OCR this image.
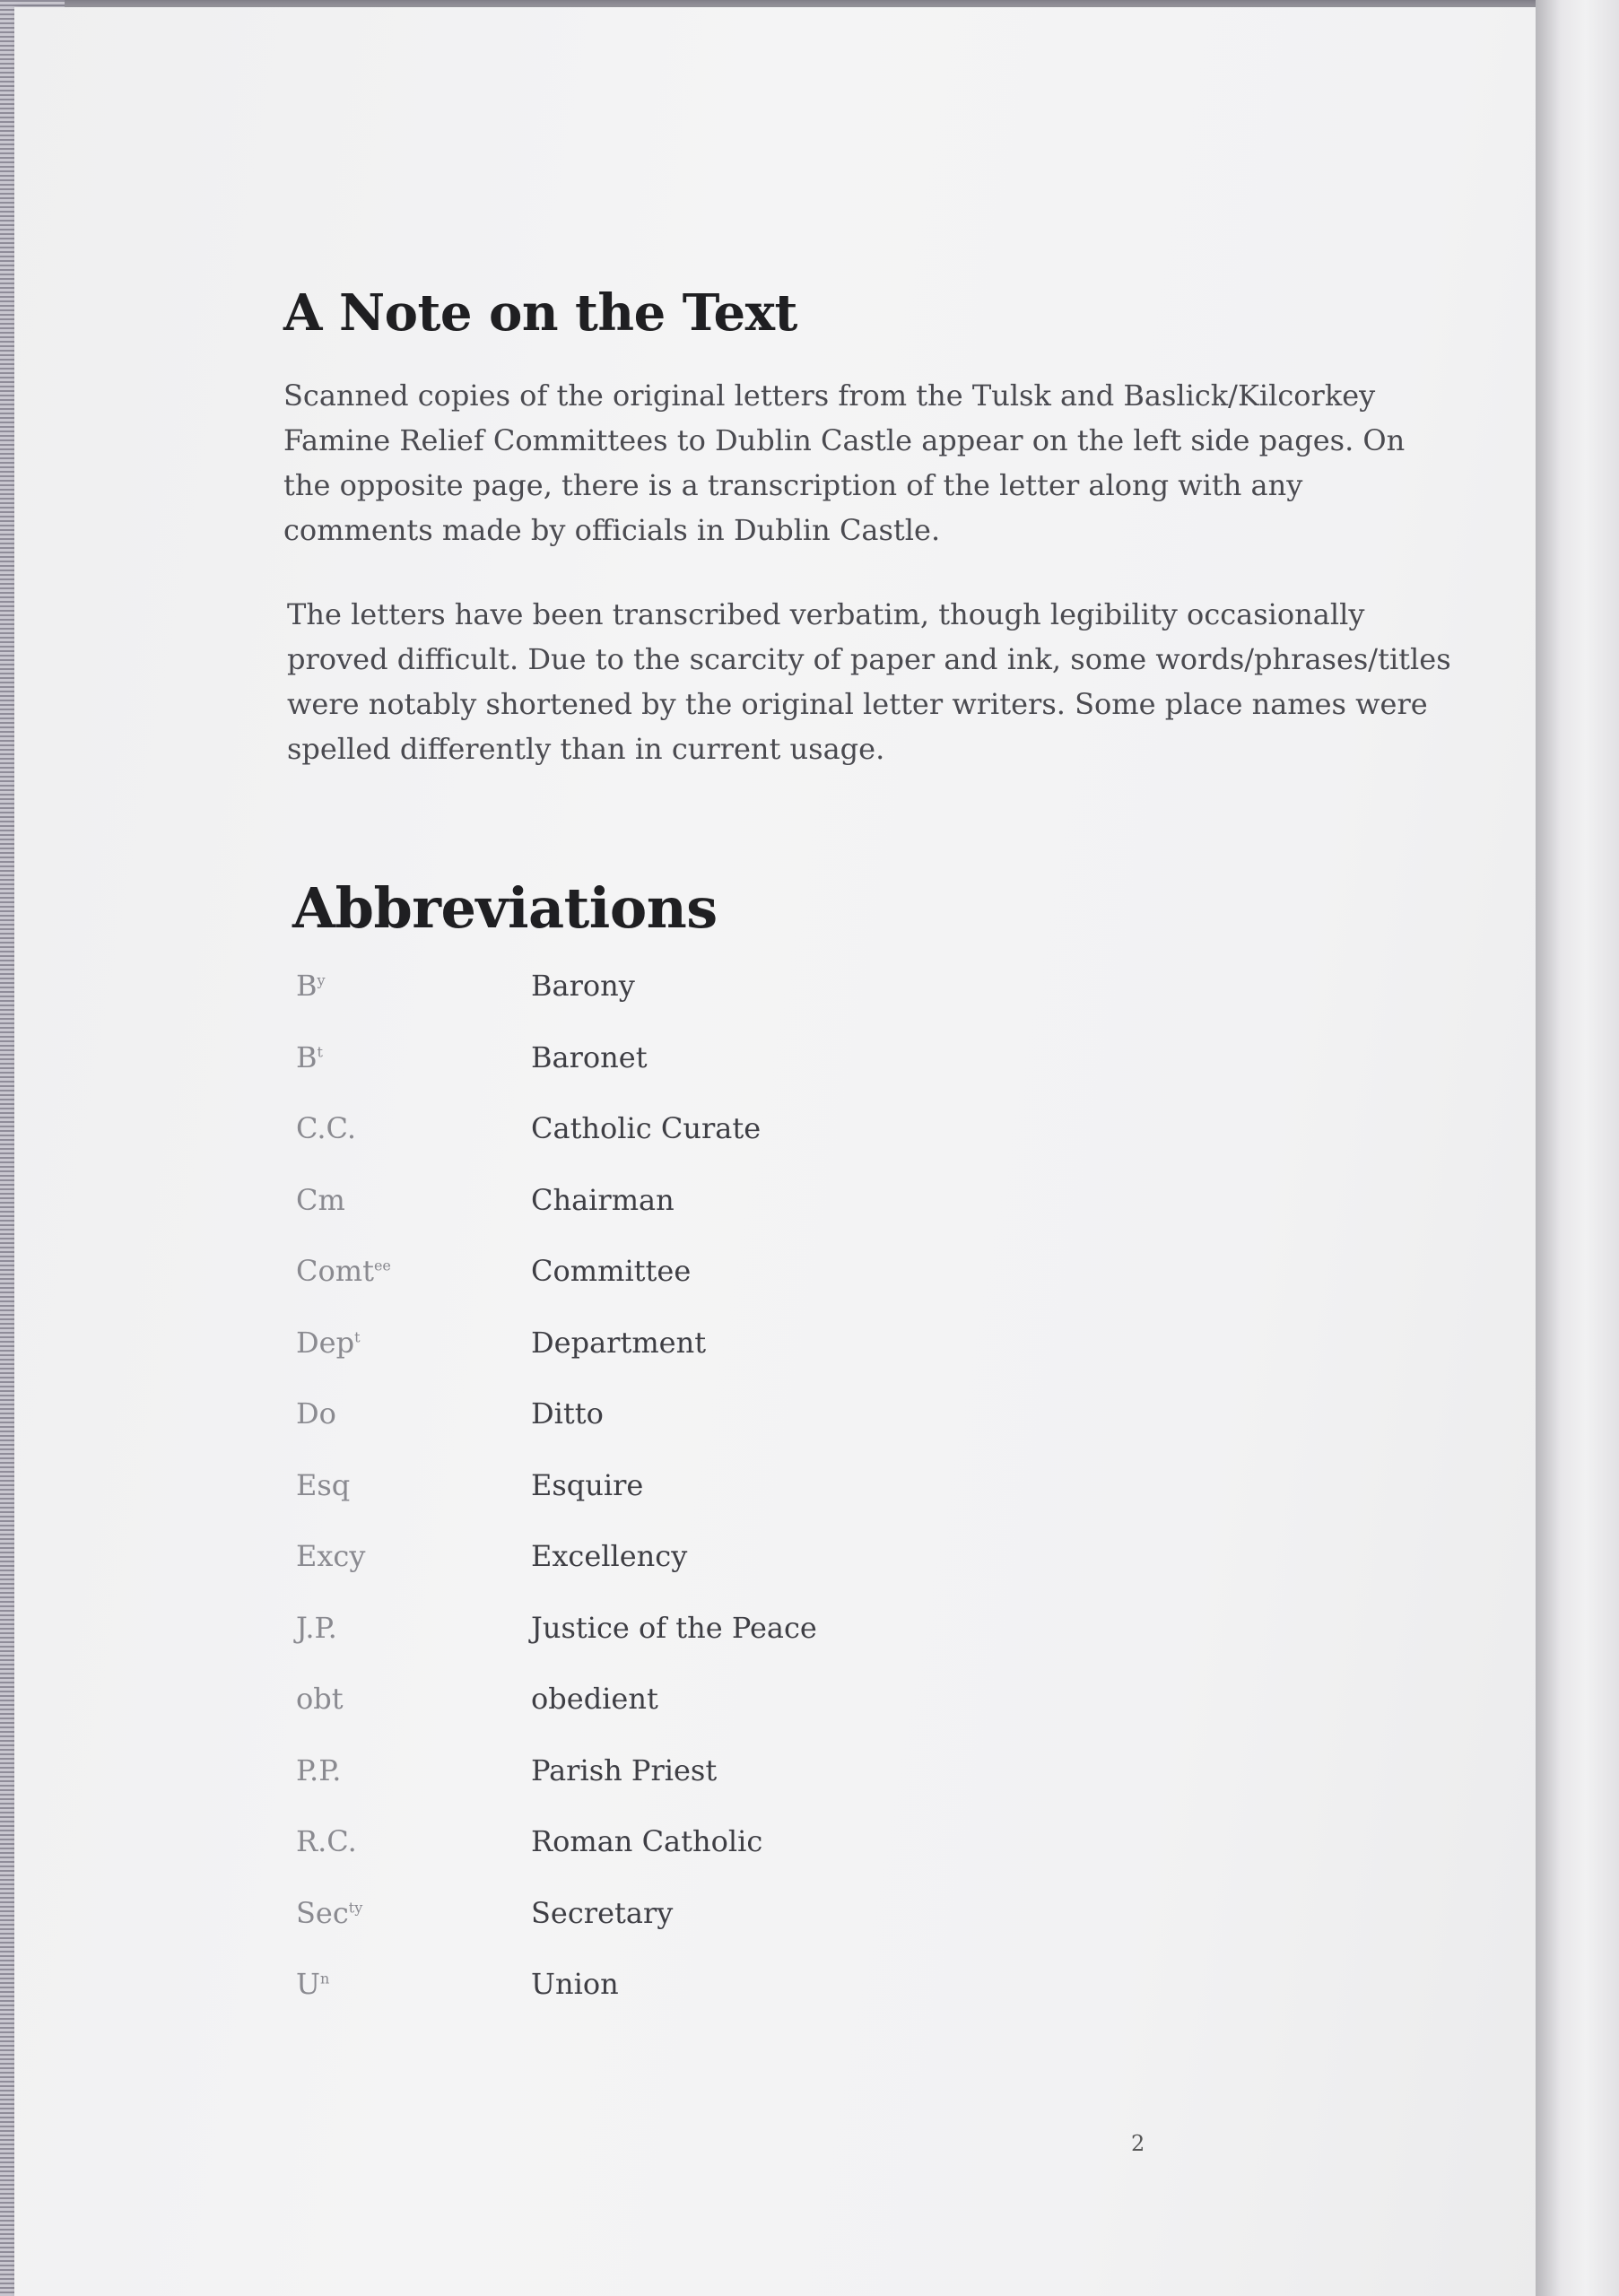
A Note on the Text

Scanned copies of the original letters from the Tulsk and Baslick/Kilcorkey Famine Relief Committees to Dublin Castle appear on the left side pages. On the opposite page, there is a transcription of the letter along with any comments made by officials in Dublin Castle.

The letters have been transcribed verbatim, though legibility occasionally proved difficult. Due to the scarcity of paper and ink, some words/phrases/titles were notably shortened by the original letter writers. Some place names were spelled differently than in current usage.

Abbreviations
$B^y$	Barony
$B^t$	Baronet
C.C.	Catholic Curate
Cm	Chairman
Comt$^{ee}$	Committee
Dep$^t$	Department
Do	Ditto
Esq	Esquire
Excy	Excellency
J.P.	Justice of the Peace
obt	obedient
P.P.	Parish Priest
R.C.	Roman Catholic
Sec$^{ty}$	Secretary
$U^n$	Union
2
